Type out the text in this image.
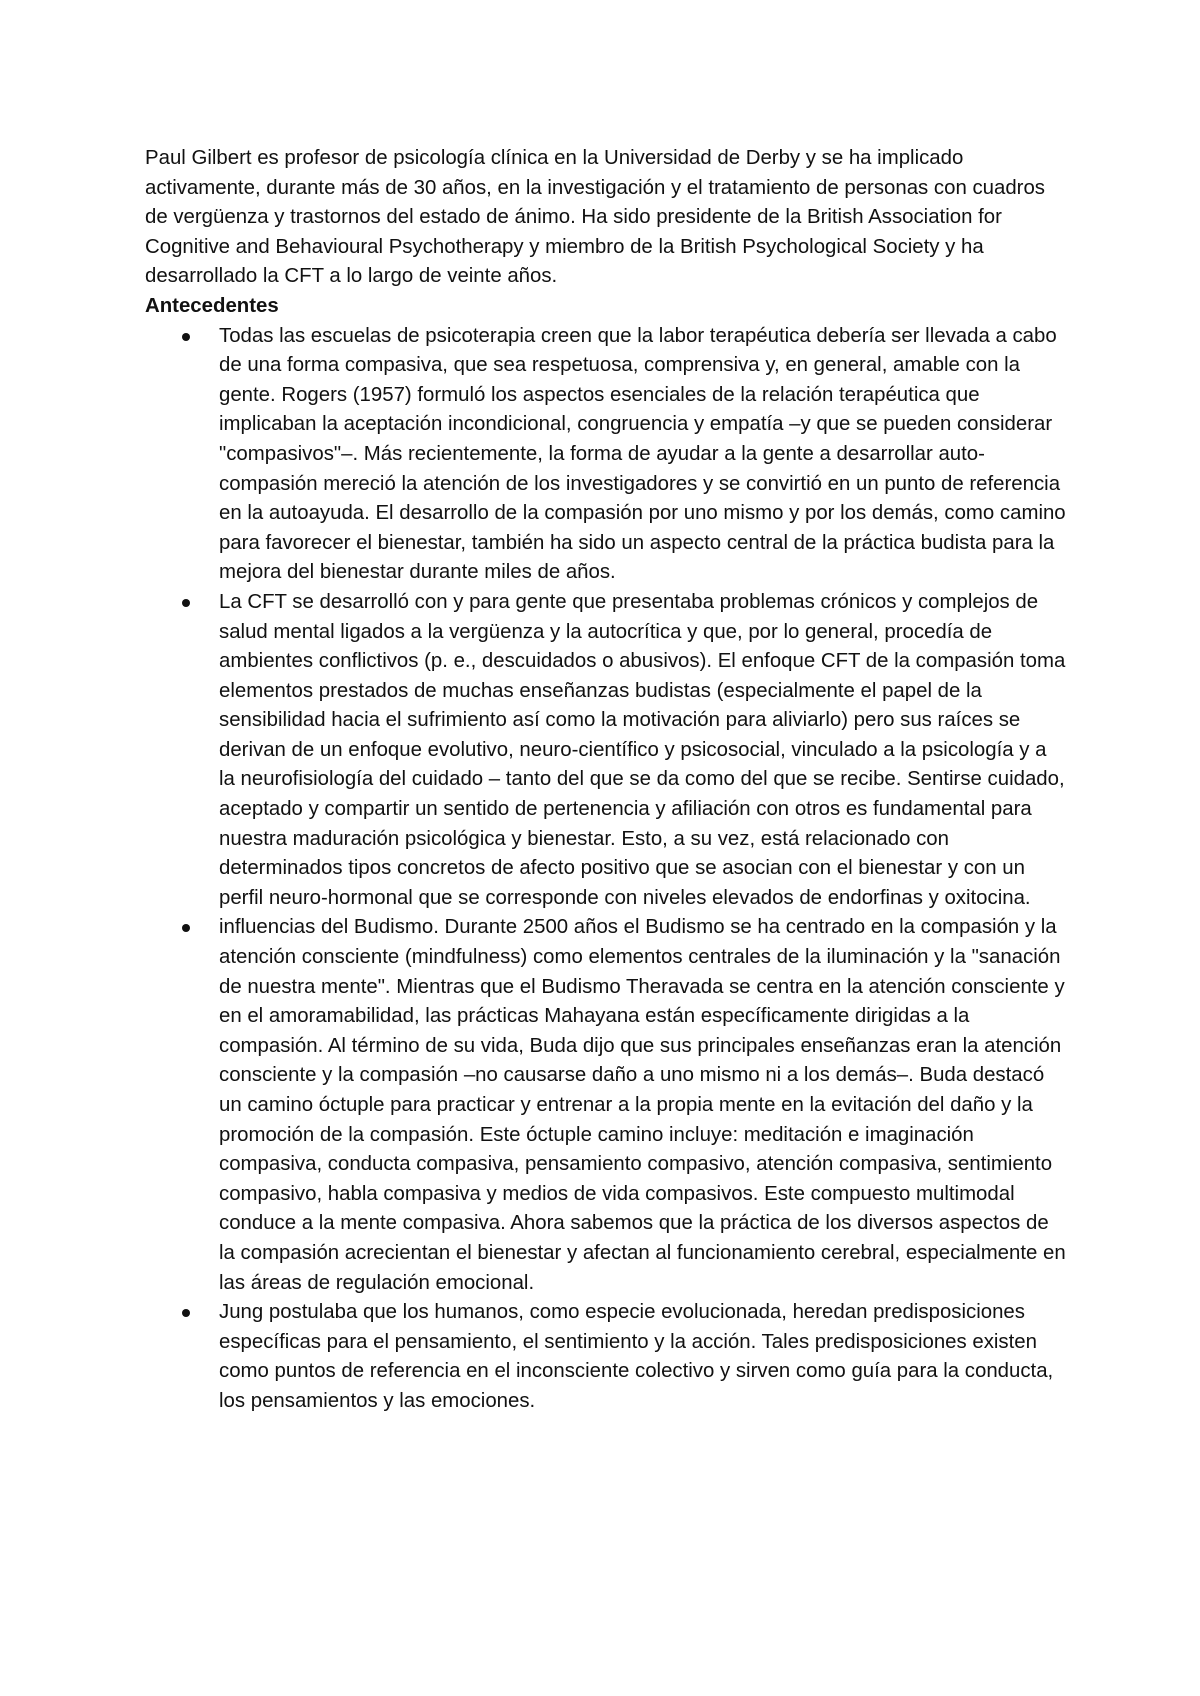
Paul Gilbert es profesor de psicología clínica en la Universidad de Derby y se ha implicado activamente, durante más de 30 años, en la investigación y el tratamiento de personas con cuadros de vergüenza y trastornos del estado de ánimo. Ha sido presidente de la British Association for Cognitive and Behavioural Psychotherapy y miembro de la British Psychological Society y ha desarrollado la CFT a lo largo de veinte años.

Antecedentes

Todas las escuelas de psicoterapia creen que la labor terapéutica debería ser llevada a cabo de una forma compasiva, que sea respetuosa, comprensiva y, en general, amable con la gente. Rogers (1957) formuló los aspectos esenciales de la relación terapéutica que implicaban la aceptación incondicional, congruencia y empatía –y que se pueden considerar "compasivos"–. Más recientemente, la forma de ayudar a la gente a desarrollar auto-compasión mereció la atención de los investigadores y se convirtió en un punto de referencia en la autoayuda. El desarrollo de la compasión por uno mismo y por los demás, como camino para favorecer el bienestar, también ha sido un aspecto central de la práctica budista para la mejora del bienestar durante miles de años.
La CFT se desarrolló con y para gente que presentaba problemas crónicos y complejos de salud mental ligados a la vergüenza y la autocrítica y que, por lo general, procedía de ambientes conflictivos (p. e., descuidados o abusivos). El enfoque CFT de la compasión toma elementos prestados de muchas enseñanzas budistas (especialmente el papel de la sensibilidad hacia el sufrimiento así como la motivación para aliviarlo) pero sus raíces se derivan de un enfoque evolutivo, neuro-científico y psicosocial, vinculado a la psicología y a la neurofisiología del cuidado – tanto del que se da como del que se recibe. Sentirse cuidado, aceptado y compartir un sentido de pertenencia y afiliación con otros es fundamental para nuestra maduración psicológica y bienestar. Esto, a su vez, está relacionado con determinados tipos concretos de afecto positivo que se asocian con el bienestar y con un perfil neuro-hormonal que se corresponde con niveles elevados de endorfinas y oxitocina.
influencias del Budismo. Durante 2500 años el Budismo se ha centrado en la compasión y la atención consciente (mindfulness) como elementos centrales de la iluminación y la "sanación de nuestra mente". Mientras que el Budismo Theravada se centra en la atención consciente y en el amoramabilidad, las prácticas Mahayana están específicamente dirigidas a la compasión. Al término de su vida, Buda dijo que sus principales enseñanzas eran la atención consciente y la compasión –no causarse daño a uno mismo ni a los demás–. Buda destacó un camino óctuple para practicar y entrenar a la propia mente en la evitación del daño y la promoción de la compasión. Este óctuple camino incluye: meditación e imaginación compasiva, conducta compasiva, pensamiento compasivo, atención compasiva, sentimiento compasivo, habla compasiva y medios de vida compasivos. Este compuesto multimodal conduce a la mente compasiva. Ahora sabemos que la práctica de los diversos aspectos de la compasión acrecientan el bienestar y afectan al funcionamiento cerebral, especialmente en las áreas de regulación emocional.
Jung postulaba que los humanos, como especie evolucionada, heredan predisposiciones específicas para el pensamiento, el sentimiento y la acción. Tales predisposiciones existen como puntos de referencia en el inconsciente colectivo y sirven como guía para la conducta, los pensamientos y las emociones.
